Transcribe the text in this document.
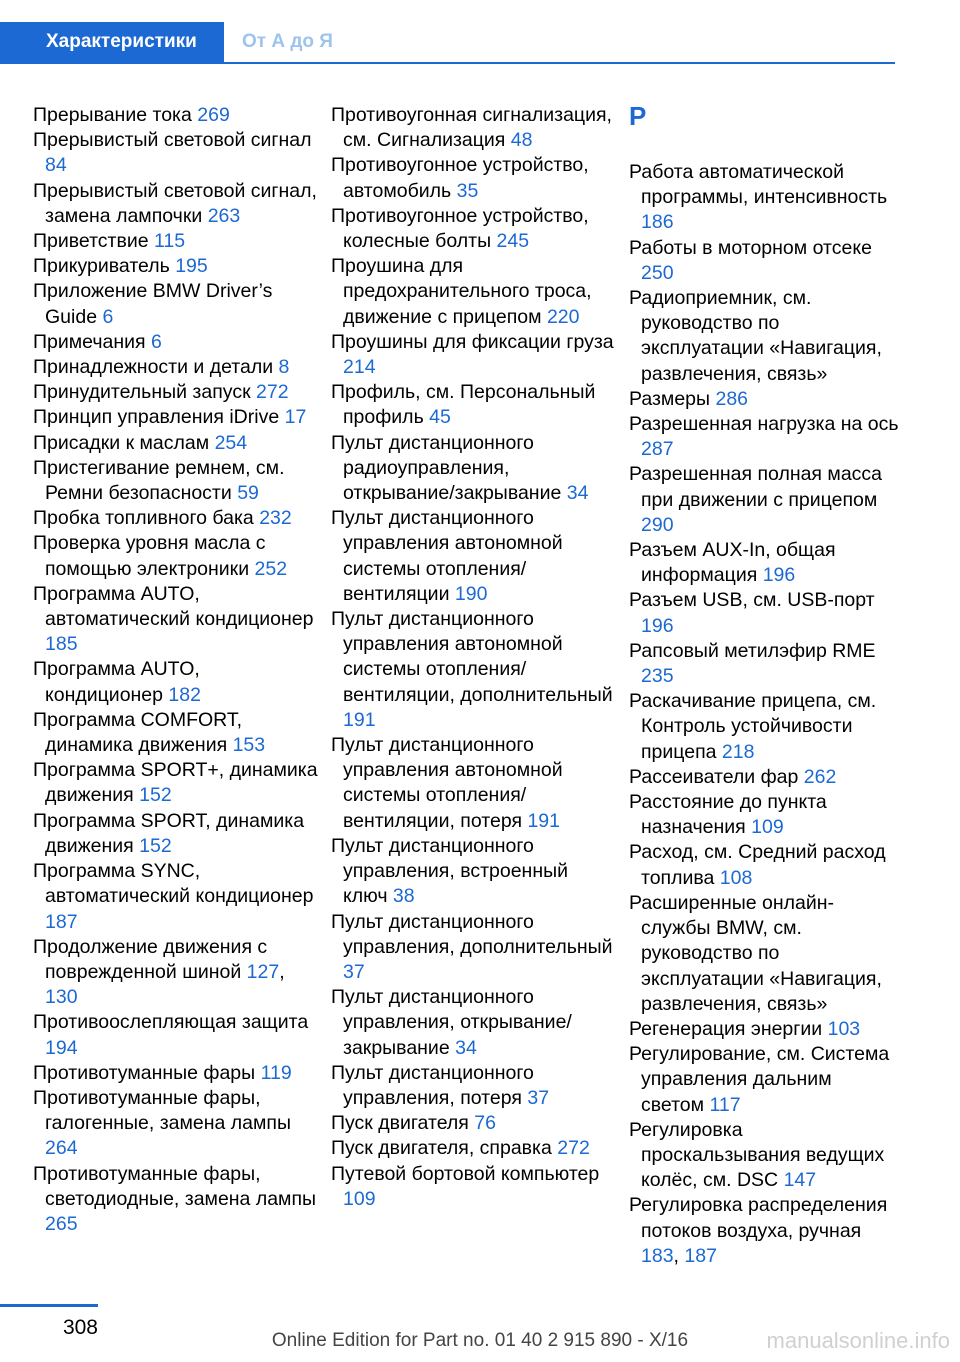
Характеристики	От А до Я
Прерывание тока 269
Прерывистый световой сигнал 84
Прерывистый световой сигнал, замена лампочки 263
Приветствие 115
Прикуриватель 195
Приложение BMW Driver’s Guide 6
Примечания 6
Принадлежности и детали 8
Принудительный запуск 272
Принцип управления iDrive 17
Присадки к маслам 254
Пристегивание ремнем, см. Ремни безопасности 59
Пробка топливного бака 232
Проверка уровня масла с помощью электроники 252
Программа AUTO, автоматический кондиционер 185
Программа AUTO, кондиционер 182
Программа COMFORT, динамика движения 153
Программа SPORT+, динамика движения 152
Программа SPORT, динамика движения 152
Программа SYNC, автоматический кондиционер 187
Продолжение движения с поврежденной шиной 127, 130
Противоослепляющая защита 194
Противотуманные фары 119
Противотуманные фары, галогенные, замена лампы 264
Противотуманные фары, светодиодные, замена лампы 265
Противоугонная сигнализация, см. Сигнализация 48
Противоугонное устройство, автомобиль 35
Противоугонное устройство, колесные болты 245
Проушина для предохранительного троса, движение с прицепом 220
Проушины для фиксации груза 214
Профиль, см. Персональный профиль 45
Пульт дистанционного радиоуправления, открывание/закрывание 34
Пульт дистанционного управления автономной системы отопления/вентиляции 190
Пульт дистанционного управления автономной системы отопления/вентиляции, дополнительный 191
Пульт дистанционного управления автономной системы отопления/вентиляции, потеря 191
Пульт дистанционного управления, встроенный ключ 38
Пульт дистанционного управления, дополнительный 37
Пульт дистанционного управления, открывание/закрывание 34
Пульт дистанционного управления, потеря 37
Пуск двигателя 76
Пуск двигателя, справка 272
Путевой бортовой компьютер 109
Р
Работа автоматической программы, интенсивность 186
Работы в моторном отсеке 250
Радиоприемник, см. руководство по эксплуатации «Навигация, развлечения, связь»
Размеры 286
Разрешенная нагрузка на ось 287
Разрешенная полная масса при движении с прицепом 290
Разъем AUX-In, общая информация 196
Разъем USB, см. USB-порт 196
Рапсовый метилэфир RME 235
Раскачивание прицепа, см. Контроль устойчивости прицепа 218
Рассеиватели фар 262
Расстояние до пункта назначения 109
Расход, см. Средний расход топлива 108
Расширенные онлайн-службы BMW, см. руководство по эксплуатации «Навигация, развлечения, связь»
Регенерация энергии 103
Регулирование, см. Система управления дальним светом 117
Регулировка проскальзывания ведущих колёс, см. DSC 147
Регулировка распределения потоков воздуха, ручная 183, 187
308
Online Edition for Part no. 01 40 2 915 890 - X/16	manualsonline.info
